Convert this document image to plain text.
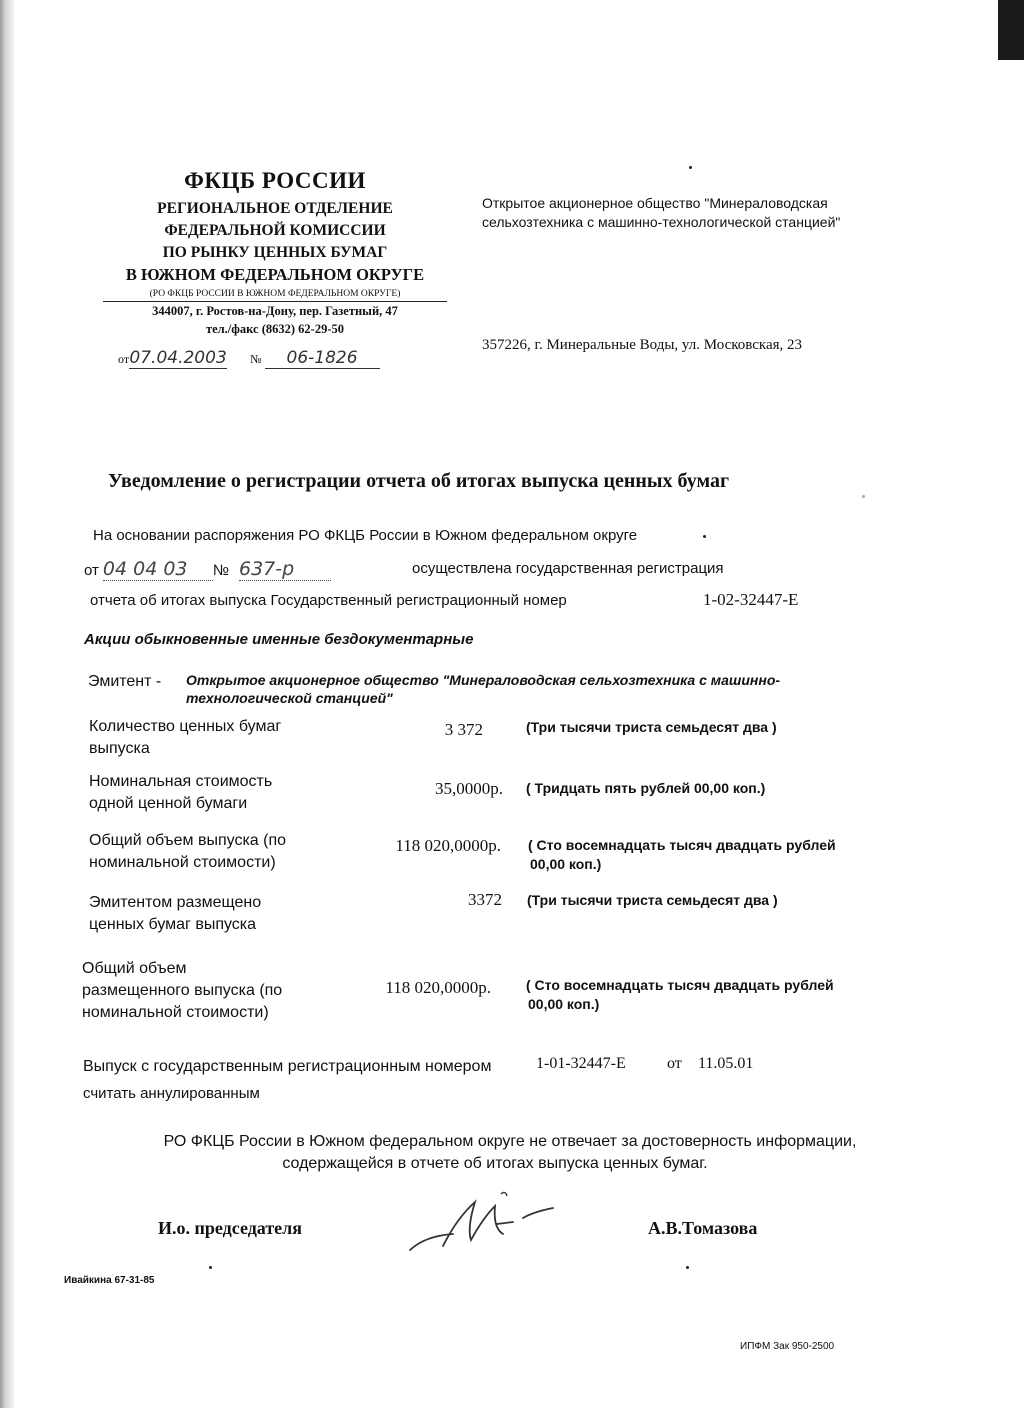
ФКЦБ РОССИИ
РЕГИОНАЛЬНОЕ ОТДЕЛЕНИЕ
ФЕДЕРАЛЬНОЙ КОМИССИИ
ПО РЫНКУ ЦЕННЫХ БУМАГ
В ЮЖНОМ ФЕДЕРАЛЬНОМ ОКРУГЕ
(РО ФКЦБ РОССИИ В ЮЖНОМ ФЕДЕРАЛЬНОМ ОКРУГЕ)
344007, г. Ростов-на-Дону, пер. Газетный, 47
тел./факс (8632) 62-29-50
от07.04.2003 № 06-1826
Открытое акционерное общество "Минераловодская сельхозтехника с машинно-технологической станцией"
357226, г. Минеральные Воды, ул. Московская, 23
Уведомление о регистрации отчета об итогах выпуска ценных бумаг
На основании распоряжения РО ФКЦБ России в Южном федеральном округе
от 04 04 03 № 637-р	осуществлена государственная регистрация
отчета об итогах выпуска Государственный регистрационный номер	1-02-32447-Е
Акции обыкновенные именные бездокументарные
Эмитент - Открытое акционерное общество "Минераловодская сельхозтехника с машинно-
технологической станцией"
Количество ценных бумаг
выпуска
3 372	(Три тысячи триста семьдесят два )
Номинальная стоимость
одной ценной бумаги
35,0000р. ( Тридцать пять рублей 00,00 коп.)
Общий объем выпуска (по
номинальной стоимости)
118 020,0000р. ( Сто восемнадцать тысяч двадцать рублей
00,00 коп.)
Эмитентом размещено
ценных бумаг выпуска
3372 (Три тысячи триста семьдесят два )
Общий объем
размещенного выпуска (по
номинальной стоимости)
118 020,0000р.	( Сто восемнадцать тысяч двадцать рублей
00,00 коп.)
Выпуск с государственным регистрационным номером	1-01-32447-Е	от 11.05.01
считать аннулированным
РО ФКЦБ России в Южном федеральном округе не отвечает за достоверность информации,
содержащейся в отчете об итогах выпуска ценных бумаг.
И.о. председателя	А.В.Томазова
Ивайкина 67-31-85
ИПФМ Зак 950-2500
